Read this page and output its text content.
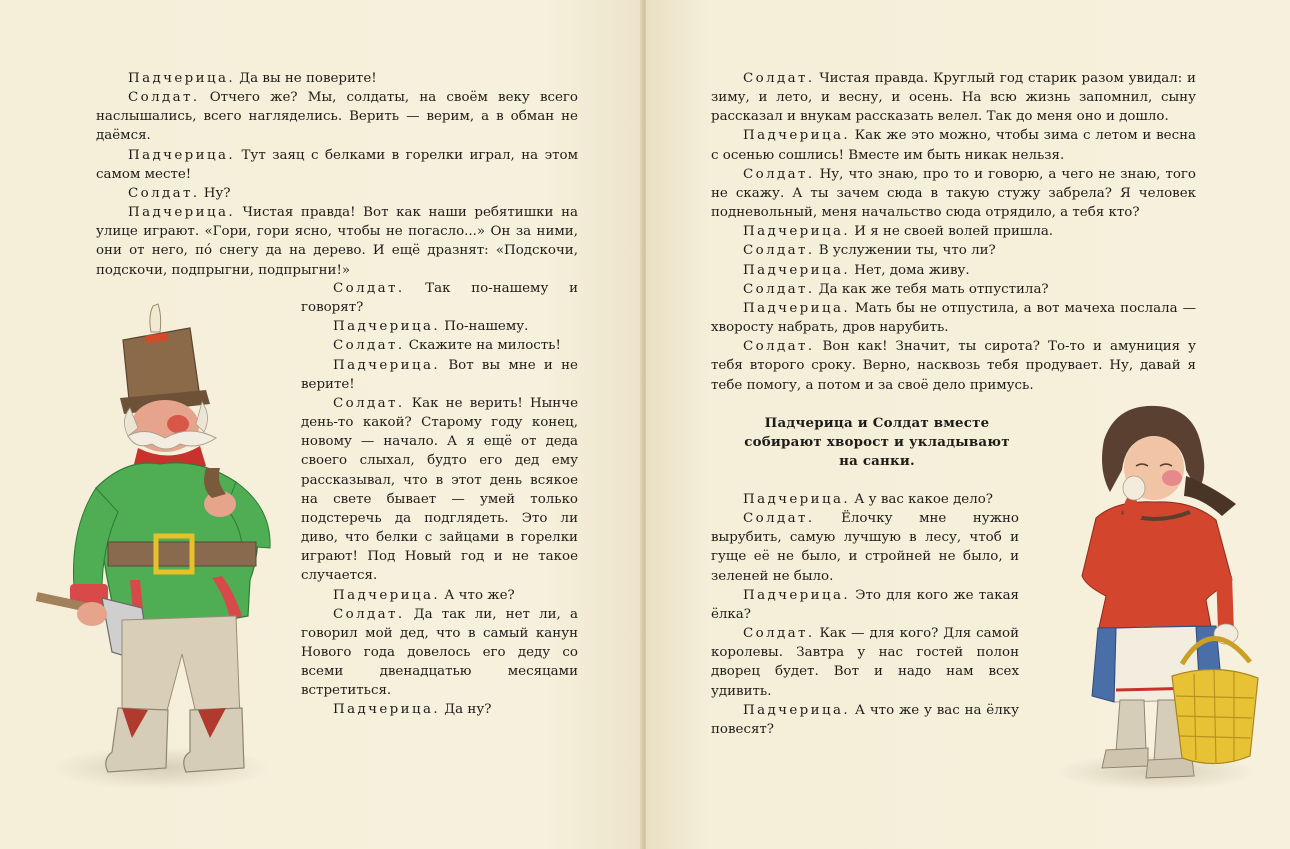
Падчерица. Да вы не поверите!

Солдат. Отчего же? Мы, солдаты, на своём веку всего наслышались, всего нагляделись. Верить — верим, а в обман не даёмся.

Падчерица. Тут заяц с белками в горелки играл, на этом самом месте!

Солдат. Ну?

Падчерица. Чистая правда! Вот как наши ребятишки на улице играют. «Гори, гори ясно, чтобы не погасло...» Он за ними, они от него, пó снегу да на дерево. И ещё дразнят: «Подскочи, подскочи, подпрыгни, подпрыгни!»

Солдат. Так по-нашему и говорят?

Падчерица. По-нашему.

Солдат. Скажите на милость!

Падчерица. Вот вы мне и не верите!

Солдат. Как не верить! Нынче день-то какой? Старому году конец, новому — начало. А я ещё от деда своего слыхал, будто его дед ему рассказывал, что в этот день всякое на свете бывает — умей только подстеречь да подглядеть. Это ли диво, что белки с зайцами в горелки играют! Под Новый год и не такое случается.

Падчерица. А что же?

Солдат. Да так ли, нет ли, а говорил мой дед, что в самый канун Нового года довелось его деду со всеми двенадцатью месяцами встретиться.

Падчерица. Да ну?

Солдат. Чистая правда. Круглый год старик разом увидал: и зиму, и лето, и весну, и осень. На всю жизнь запомнил, сыну рассказал и внукам рассказать велел. Так до меня оно и дошло.

Падчерица. Как же это можно, чтобы зима с летом и весна с осенью сошлись! Вместе им быть никак нельзя.

Солдат. Ну, что знаю, про то и говорю, а чего не знаю, того не скажу. А ты зачем сюда в такую стужу забрела? Я человек подневольный, меня начальство сюда отрядило, а тебя кто?

Падчерица. И я не своей волей пришла.

Солдат. В услужении ты, что ли?

Падчерица. Нет, дома живу.

Солдат. Да как же тебя мать отпустила?

Падчерица. Мать бы не отпустила, а вот мачеха послала — хворосту набрать, дров нарубить.

Солдат. Вон как! Значит, ты сирота? То-то и амуниция у тебя второго сроку. Верно, насквозь тебя продувает. Ну, давай я тебе помогу, а потом и за своё дело примусь.

Падчерица и Солдат вместе собирают хворост и укладывают на санки.

Падчерица. А у вас какое дело?

Солдат. Ёлочку мне нужно вырубить, самую лучшую в лесу, чтоб и гуще её не было, и стройней не было, и зеленей не было.

Падчерица. Это для кого же такая ёлка?

Солдат. Как — для кого? Для самой королевы. Завтра у нас гостей полон дворец будет. Вот и надо нам всех удивить.

Падчерица. А что же у вас на ёлку повесят?
